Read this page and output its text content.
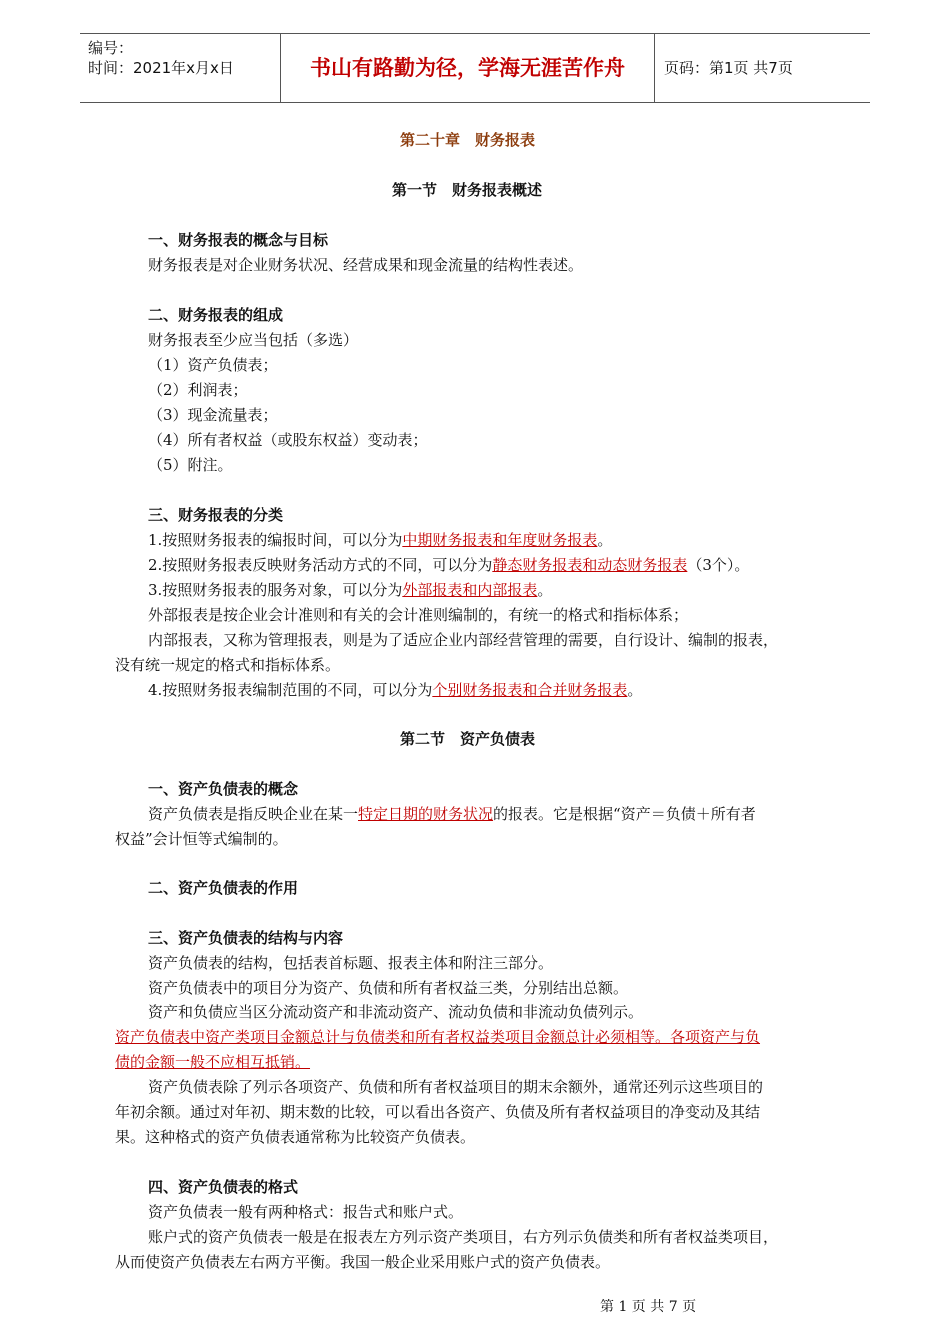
编号：
时间：2021年x月x日	书山有路勤为径，学海无涯苦作舟	页码：第1页 共7页
第二十章　财务报表
第一节　财务报表概述
一、财务报表的概念与目标
财务报表是对企业财务状况、经营成果和现金流量的结构性表述。
二、财务报表的组成
财务报表至少应当包括（多选）
（1）资产负债表；
（2）利润表；
（3）现金流量表；
（4）所有者权益（或股东权益）变动表；
（5）附注。
三、财务报表的分类
1.按照财务报表的编报时间，可以分为中期财务报表和年度财务报表。
2.按照财务报表反映财务活动方式的不同，可以分为静态财务报表和动态财务报表（3个）。
3.按照财务报表的服务对象，可以分为外部报表和内部报表。
外部报表是按企业会计准则和有关的会计准则编制的，有统一的格式和指标体系；
内部报表，又称为管理报表，则是为了适应企业内部经营管理的需要，自行设计、编制的报表，
没有统一规定的格式和指标体系。
4.按照财务报表编制范围的不同，可以分为个别财务报表和合并财务报表。
第二节　资产负债表
一、资产负债表的概念
资产负债表是指反映企业在某一特定日期的财务状况的报表。它是根据“资产＝负债＋所有者
权益”会计恒等式编制的。
二、资产负债表的作用
三、资产负债表的结构与内容
资产负债表的结构，包括表首标题、报表主体和附注三部分。
资产负债表中的项目分为资产、负债和所有者权益三类，分别结出总额。
资产和负债应当区分流动资产和非流动资产、流动负债和非流动负债列示。
资产负债表中资产类项目金额总计与负债类和所有者权益类项目金额总计必须相等。各项资产与负
债的金额一般不应相互抵销。
资产负债表除了列示各项资产、负债和所有者权益项目的期末余额外，通常还列示这些项目的
年初余额。通过对年初、期末数的比较，可以看出各资产、负债及所有者权益项目的净变动及其结
果。这种格式的资产负债表通常称为比较资产负债表。
四、资产负债表的格式
资产负债表一般有两种格式：报告式和账户式。
账户式的资产负债表一般是在报表左方列示资产类项目，右方列示负债类和所有者权益类项目，
从而使资产负债表左右两方平衡。我国一般企业采用账户式的资产负债表。
第 1 页 共 7 页
